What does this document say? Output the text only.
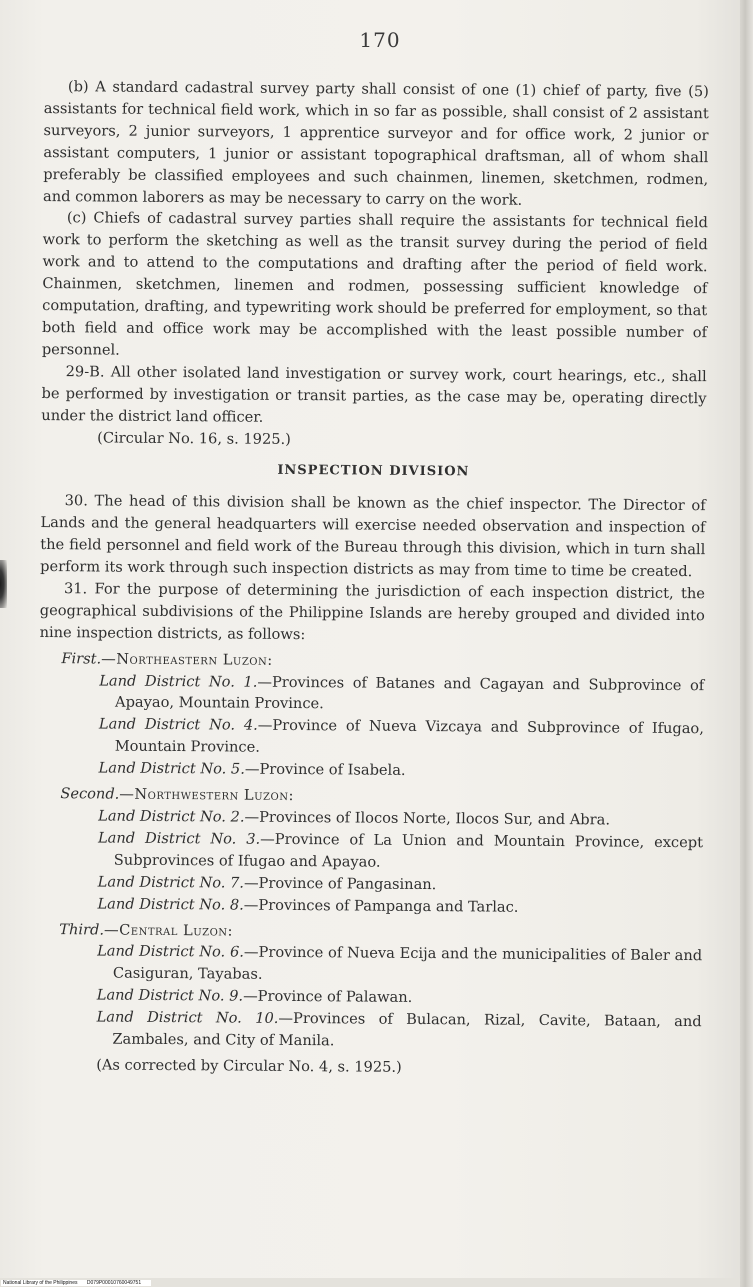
170

(b) A standard cadastral survey party shall consist of one (1) chief of party, five (5) assistants for technical field work, which in so far as possible, shall consist of 2 assistant surveyors, 2 junior surveyors, 1 apprentice surveyor and for office work, 2 junior or assistant computers, 1 junior or assistant topographical draftsman, all of whom shall preferably be classified employees and such chainmen, linemen, sketchmen, rodmen, and common laborers as may be necessary to carry on the work.

(c) Chiefs of cadastral survey parties shall require the assistants for technical field work to perform the sketching as well as the transit survey during the period of field work and to attend to the computations and drafting after the period of field work. Chainmen, sketchmen, linemen and rodmen, possessing sufficient knowledge of computation, drafting, and typewriting work should be preferred for employment, so that both field and office work may be accomplished with the least possible number of personnel.

29-B. All other isolated land investigation or survey work, court hearings, etc., shall be performed by investigation or transit parties, as the case may be, operating directly under the district land officer.

(Circular No. 16, s. 1925.)

INSPECTION DIVISION

30. The head of this division shall be known as the chief inspector. The Director of Lands and the general headquarters will exercise needed observation and inspection of the field personnel and field work of the Bureau through this division, which in turn shall perform its work through such inspection districts as may from time to time be created.

31. For the purpose of determining the jurisdiction of each inspection district, the geographical subdivisions of the Philippine Islands are hereby grouped and divided into nine inspection districts, as follows:

First.—Northeastern Luzon:

Land District No. 1.—Provinces of Batanes and Cagayan and Subprovince of Apayao, Mountain Province.

Land District No. 4.—Province of Nueva Vizcaya and Subprovince of Ifugao, Mountain Province.

Land District No. 5.—Province of Isabela.

Second.—Northwestern Luzon:

Land District No. 2.—Provinces of Ilocos Norte, Ilocos Sur, and Abra.

Land District No. 3.—Province of La Union and Mountain Province, except Subprovinces of Ifugao and Apayao.

Land District No. 7.—Province of Pangasinan.

Land District No. 8.—Provinces of Pampanga and Tarlac.

Third.—Central Luzon:

Land District No. 6.—Province of Nueva Ecija and the municipalities of Baler and Casiguran, Tayabas.

Land District No. 9.—Province of Palawan.

Land District No. 10.—Provinces of Bulacan, Rizal, Cavite, Bataan, and Zambales, and City of Manila.

(As corrected by Circular No. 4, s. 1925.)

National Library of the Philippines D079P00010760049751
